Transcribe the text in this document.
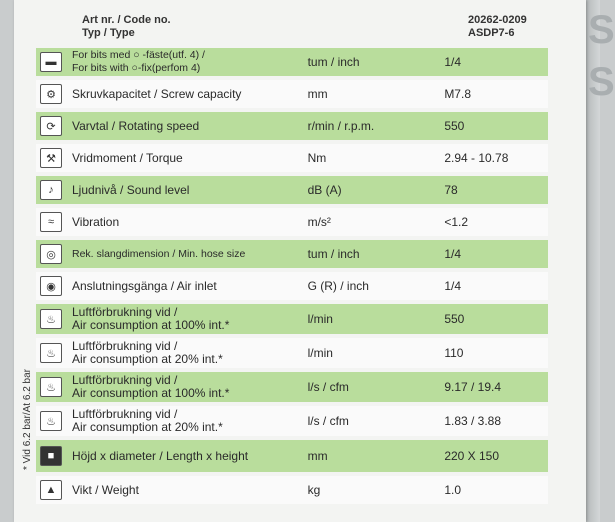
S
S
Art nr. / Code no.
Typ / Type
20262-0209
ASDP7-6
* Vid 6.2 bar/At 6.2 bar
▬	For bits med ○ -fäste(utf. 4) /
For bits with ○-fix(perfom 4)	tum / inch	1/4

⚙	Skruvkapacitet / Screw capacity	mm	M7.8

⟳	Varvtal / Rotating speed	r/min / r.p.m.	550

⚒	Vridmoment / Torque	Nm	2.94 - 10.78

♪	Ljudnivå / Sound level	dB (A)	78

≈	Vibration	m/s²	<1.2

◎	Rek. slangdimension / Min. hose size	tum / inch	1/4

◉	Anslutningsgänga / Air inlet	G (R) / inch	1/4

♨	Luftförbrukning vid /
Air consumption at 100% int.*	l/min	550

♨	Luftförbrukning vid /
Air consumption at 20% int.*	l/min	110

♨	Luftförbrukning vid /
Air consumption at 100% int.*	l/s / cfm	9.17 / 19.4

♨	Luftförbrukning vid /
Air consumption at 20% int.*	l/s / cfm	1.83 / 3.88

■	Höjd x diameter / Length x height	mm	220 X 150

▲	Vikt / Weight	kg	1.0
